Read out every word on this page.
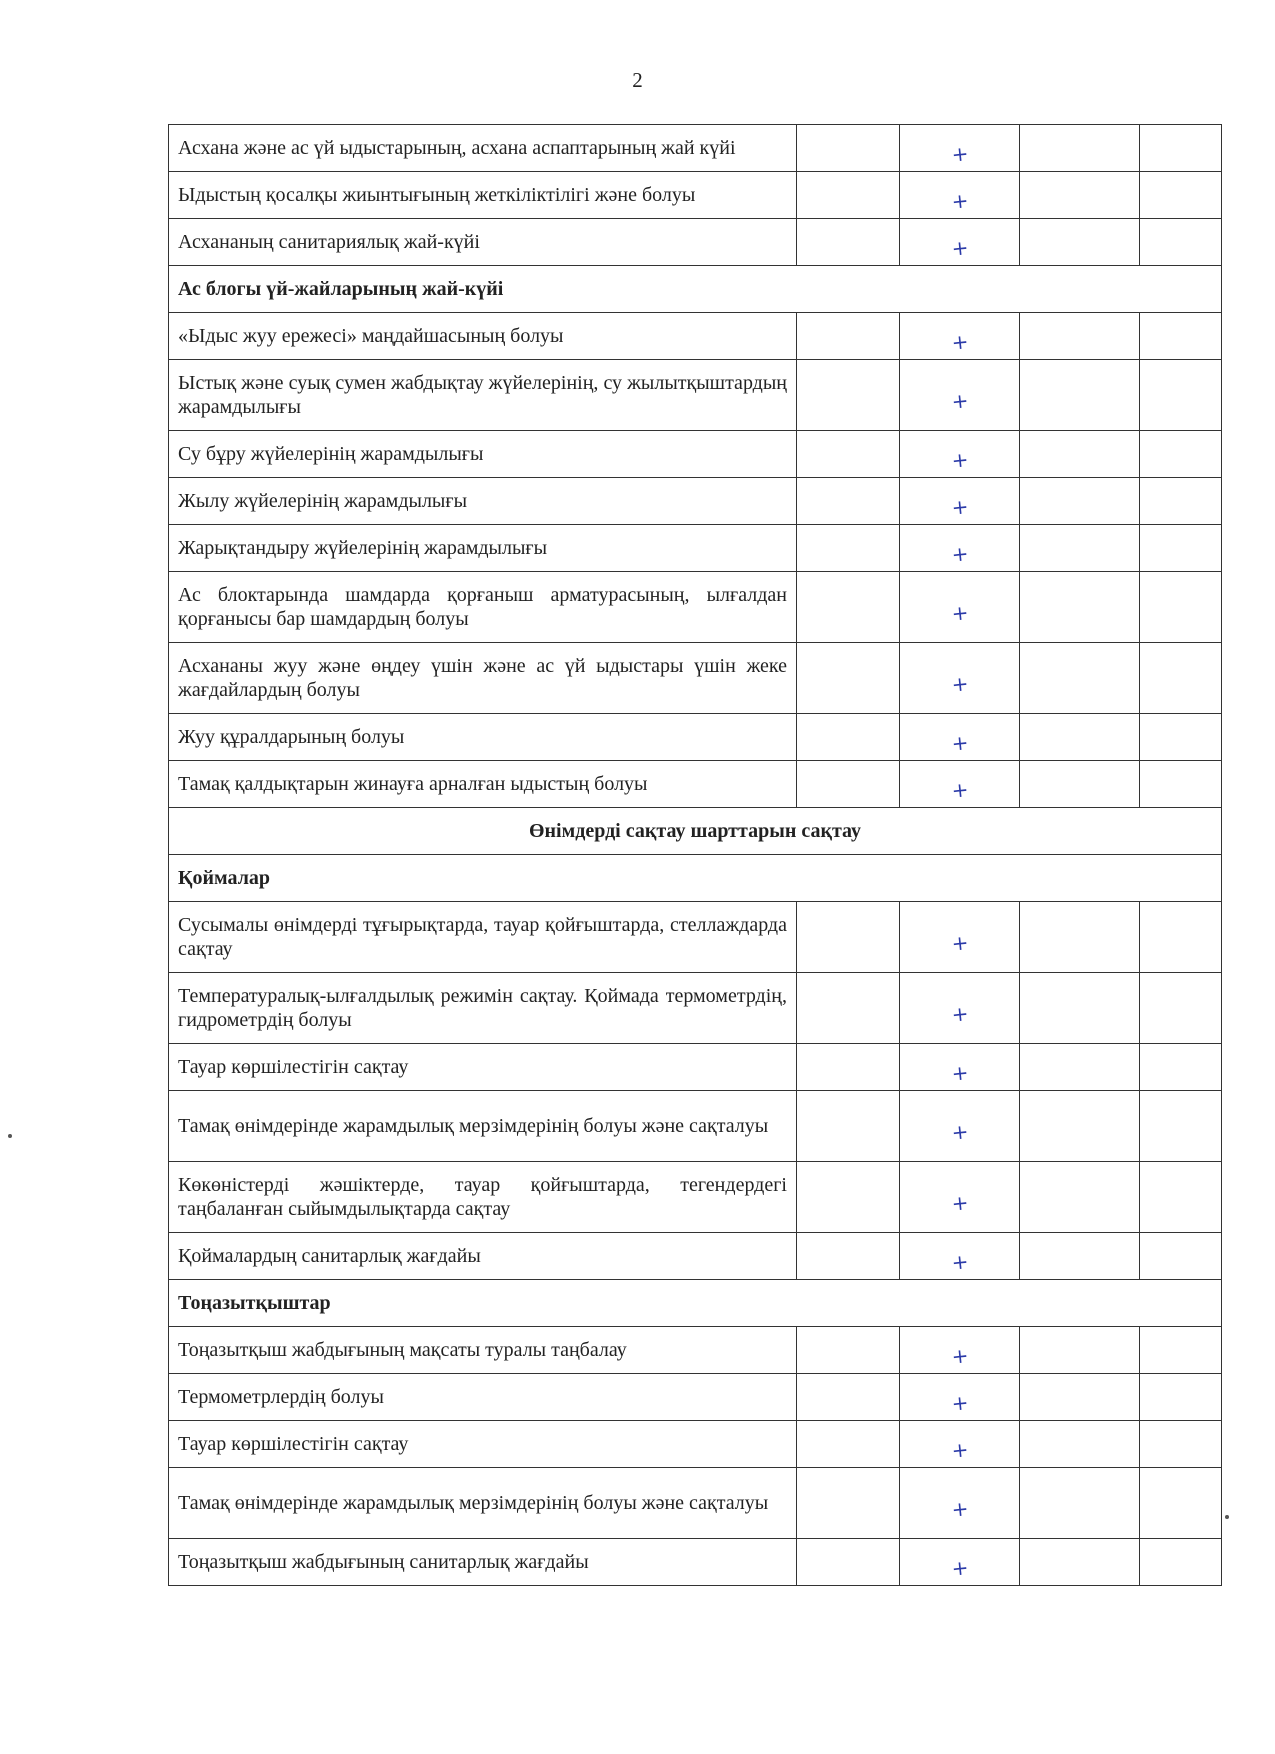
2
Асхана және ас үй ыдыстарының, асхана аспаптарының жай күйі		+		
Ыдыстың қосалқы жиынтығының жеткіліктілігі және болуы		+		
Асхананың санитариялық жай-күйі		+		
Ас блогы үй-жайларының жай-күйі				
«Ыдыс жуу ережесі» маңдайшасының болуы		+		
Ыстық және суық сумен жабдықтау жүйелерінің, су жылытқыштардың жарамдылығы		+		
Су бұру жүйелерінің жарамдылығы		+		
Жылу жүйелерінің жарамдылығы		+		
Жарықтандыру жүйелерінің жарамдылығы		+		
Ас блоктарында шамдарда қорғаныш арматурасының, ылғалдан қорғанысы бар шамдардың болуы		+		
Асхананы жуу және өңдеу үшін және ас үй ыдыстары үшін жеке жағдайлардың болуы		+		
Жуу құралдарының болуы		+		
Тамақ қалдықтарын жинауға арналған ыдыстың болуы		+		
Өнімдерді сақтау шарттарын сақтау				
Қоймалар				
Сусымалы өнімдерді тұғырықтарда, тауар қойғыштарда, стеллаждарда сақтау		+		
Температуралық-ылғалдылық режимін сақтау. Қоймада термометрдің, гидрометрдің болуы		+		
Тауар көршілестігін сақтау		+		
Тамақ өнімдерінде жарамдылық мерзімдерінің болуы және сақталуы		+		
Көкөністерді жәшіктерде, тауар қойғыштарда, тегендердегі таңбаланған сыйымдылықтарда сақтау		+		
Қоймалардың санитарлық жағдайы		+		
Тоңазытқыштар				
Тоңазытқыш жабдығының мақсаты туралы таңбалау		+		
Термометрлердің болуы		+		
Тауар көршілестігін сақтау		+		
Тамақ өнімдерінде жарамдылық мерзімдерінің болуы және сақталуы		+		
Тоңазытқыш жабдығының санитарлық жағдайы		+		
